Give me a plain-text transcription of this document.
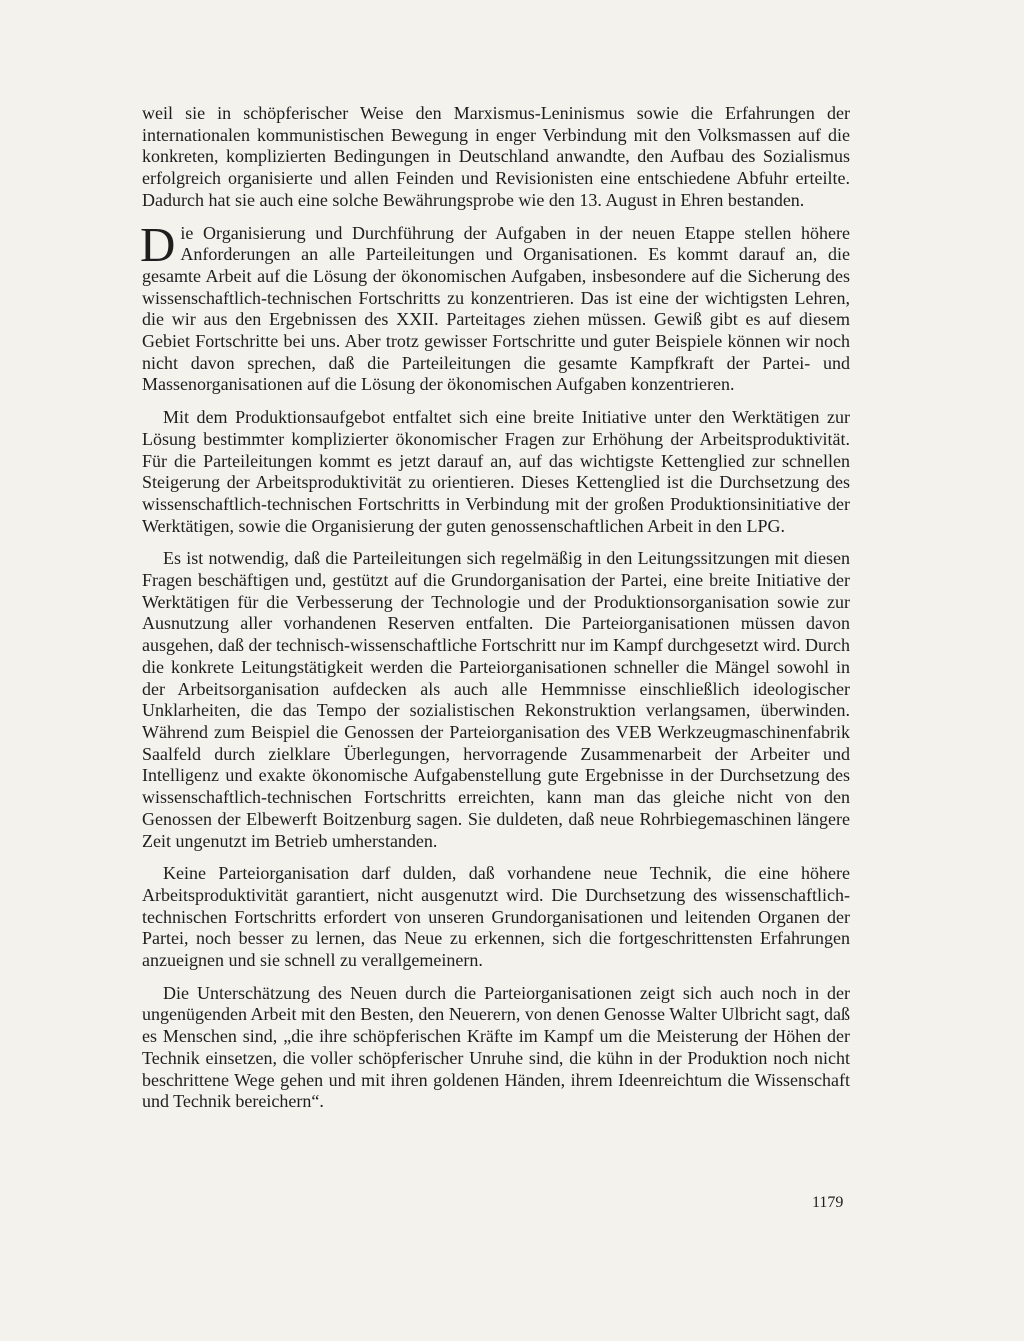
weil sie in schöpferischer Weise den Marxismus-Leninismus sowie die Erfahrungen der internationalen kommunistischen Bewegung in enger Verbindung mit den Volksmassen auf die konkreten, komplizierten Bedingungen in Deutschland anwandte, den Aufbau des Sozialismus erfolgreich organisierte und allen Feinden und Revisionisten eine entschiedene Abfuhr erteilte. Dadurch hat sie auch eine solche Bewährungsprobe wie den 13. August in Ehren bestanden.

Die Organisierung und Durchführung der Aufgaben in der neuen Etappe stellen höhere Anforderungen an alle Parteileitungen und Organisationen. Es kommt darauf an, die gesamte Arbeit auf die Lösung der ökonomischen Aufgaben, insbesondere auf die Sicherung des wissenschaftlich-technischen Fortschritts zu konzentrieren. Das ist eine der wichtigsten Lehren, die wir aus den Ergebnissen des XXII. Parteitages ziehen müssen. Gewiß gibt es auf diesem Gebiet Fortschritte bei uns. Aber trotz gewisser Fortschritte und guter Beispiele können wir noch nicht davon sprechen, daß die Parteileitungen die gesamte Kampfkraft der Partei- und Massenorganisationen auf die Lösung der ökonomischen Aufgaben konzentrieren.

Mit dem Produktionsaufgebot entfaltet sich eine breite Initiative unter den Werktätigen zur Lösung bestimmter komplizierter ökonomischer Fragen zur Erhöhung der Arbeitsproduktivität. Für die Parteileitungen kommt es jetzt darauf an, auf das wichtigste Kettenglied zur schnellen Steigerung der Arbeitsproduktivität zu orientieren. Dieses Kettenglied ist die Durchsetzung des wissenschaftlich-technischen Fortschritts in Verbindung mit der großen Produktionsinitiative der Werktätigen, sowie die Organisierung der guten genossenschaftlichen Arbeit in den LPG.

Es ist notwendig, daß die Parteileitungen sich regelmäßig in den Leitungssitzungen mit diesen Fragen beschäftigen und, gestützt auf die Grundorganisation der Partei, eine breite Initiative der Werktätigen für die Verbesserung der Technologie und der Produktionsorganisation sowie zur Ausnutzung aller vorhandenen Reserven entfalten. Die Parteiorganisationen müssen davon ausgehen, daß der technisch-wissenschaftliche Fortschritt nur im Kampf durchgesetzt wird. Durch die konkrete Leitungstätigkeit werden die Parteiorganisationen schneller die Mängel sowohl in der Arbeitsorganisation aufdecken als auch alle Hemmnisse einschließlich ideologischer Unklarheiten, die das Tempo der sozialistischen Rekonstruktion verlangsamen, überwinden. Während zum Beispiel die Genossen der Parteiorganisation des VEB Werkzeugmaschinenfabrik Saalfeld durch zielklare Überlegungen, hervorragende Zusammenarbeit der Arbeiter und Intelligenz und exakte ökonomische Aufgabenstellung gute Ergebnisse in der Durchsetzung des wissenschaftlich-technischen Fortschritts erreichten, kann man das gleiche nicht von den Genossen der Elbewerft Boitzenburg sagen. Sie duldeten, daß neue Rohrbiegemaschinen längere Zeit ungenutzt im Betrieb umherstanden.

Keine Parteiorganisation darf dulden, daß vorhandene neue Technik, die eine höhere Arbeitsproduktivität garantiert, nicht ausgenutzt wird. Die Durchsetzung des wissenschaftlich-technischen Fortschritts erfordert von unseren Grundorganisationen und leitenden Organen der Partei, noch besser zu lernen, das Neue zu erkennen, sich die fortgeschrittensten Erfahrungen anzueignen und sie schnell zu verallgemeinern.

Die Unterschätzung des Neuen durch die Parteiorganisationen zeigt sich auch noch in der ungenügenden Arbeit mit den Besten, den Neuerern, von denen Genosse Walter Ulbricht sagt, daß es Menschen sind, „die ihre schöpferischen Kräfte im Kampf um die Meisterung der Höhen der Technik einsetzen, die voller schöpferischer Unruhe sind, die kühn in der Produktion noch nicht beschrittene Wege gehen und mit ihren goldenen Händen, ihrem Ideenreichtum die Wissenschaft und Technik bereichern“.

1179
